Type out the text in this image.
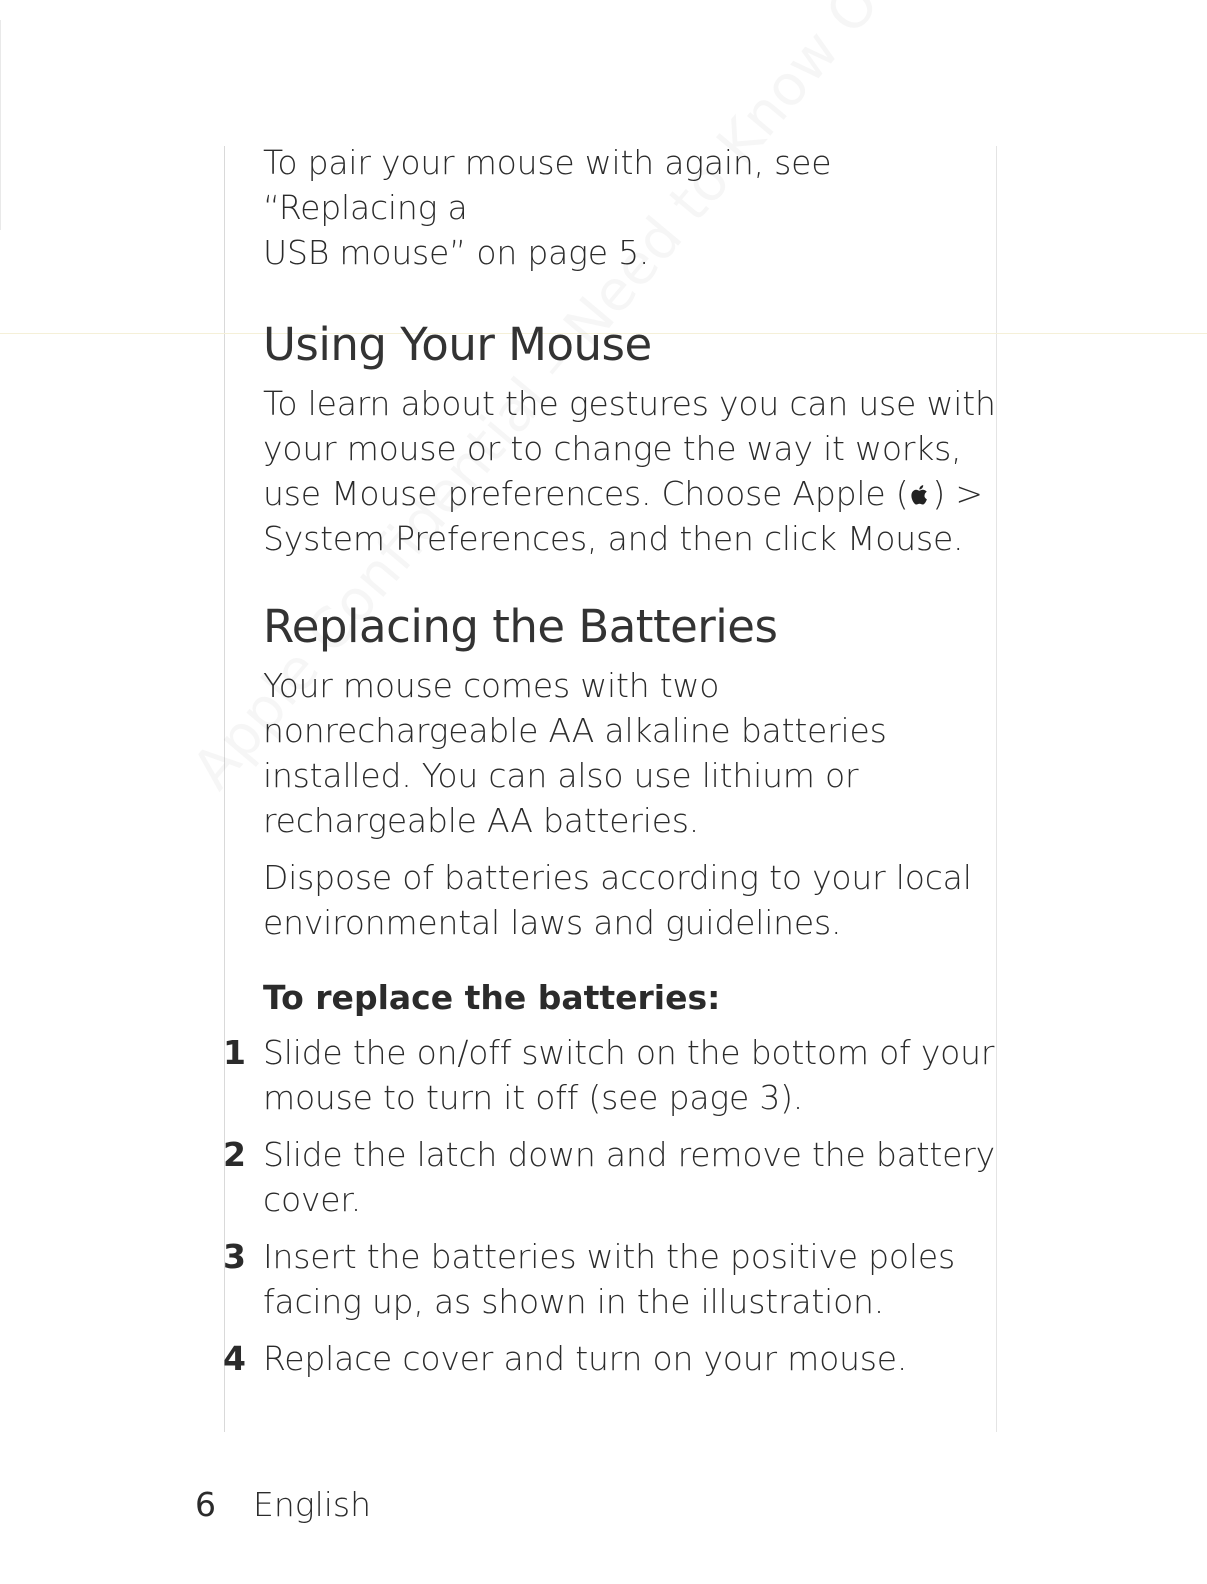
To pair your mouse with again, see “Replacing a
USB mouse” on page 5.

Using Your Mouse

To learn about the gestures you can use with your mouse or to change the way it works, use Mouse preferences. Choose Apple ( ) > System Preferences, and then click Mouse.

Replacing the Batteries

Your mouse comes with two nonrechargeable AA alkaline batteries installed. You can also use lithium or rechargeable AA batteries.

Dispose of batteries according to your local environmental laws and guidelines.

To replace the batteries:
1 Slide the on/off switch on the bottom of your mouse to turn it off (see page 3).

2 Slide the latch down and remove the battery cover.

3 Insert the batteries with the positive poles facing up, as shown in the illustration.

4 Replace cover and turn on your mouse.

6 English
